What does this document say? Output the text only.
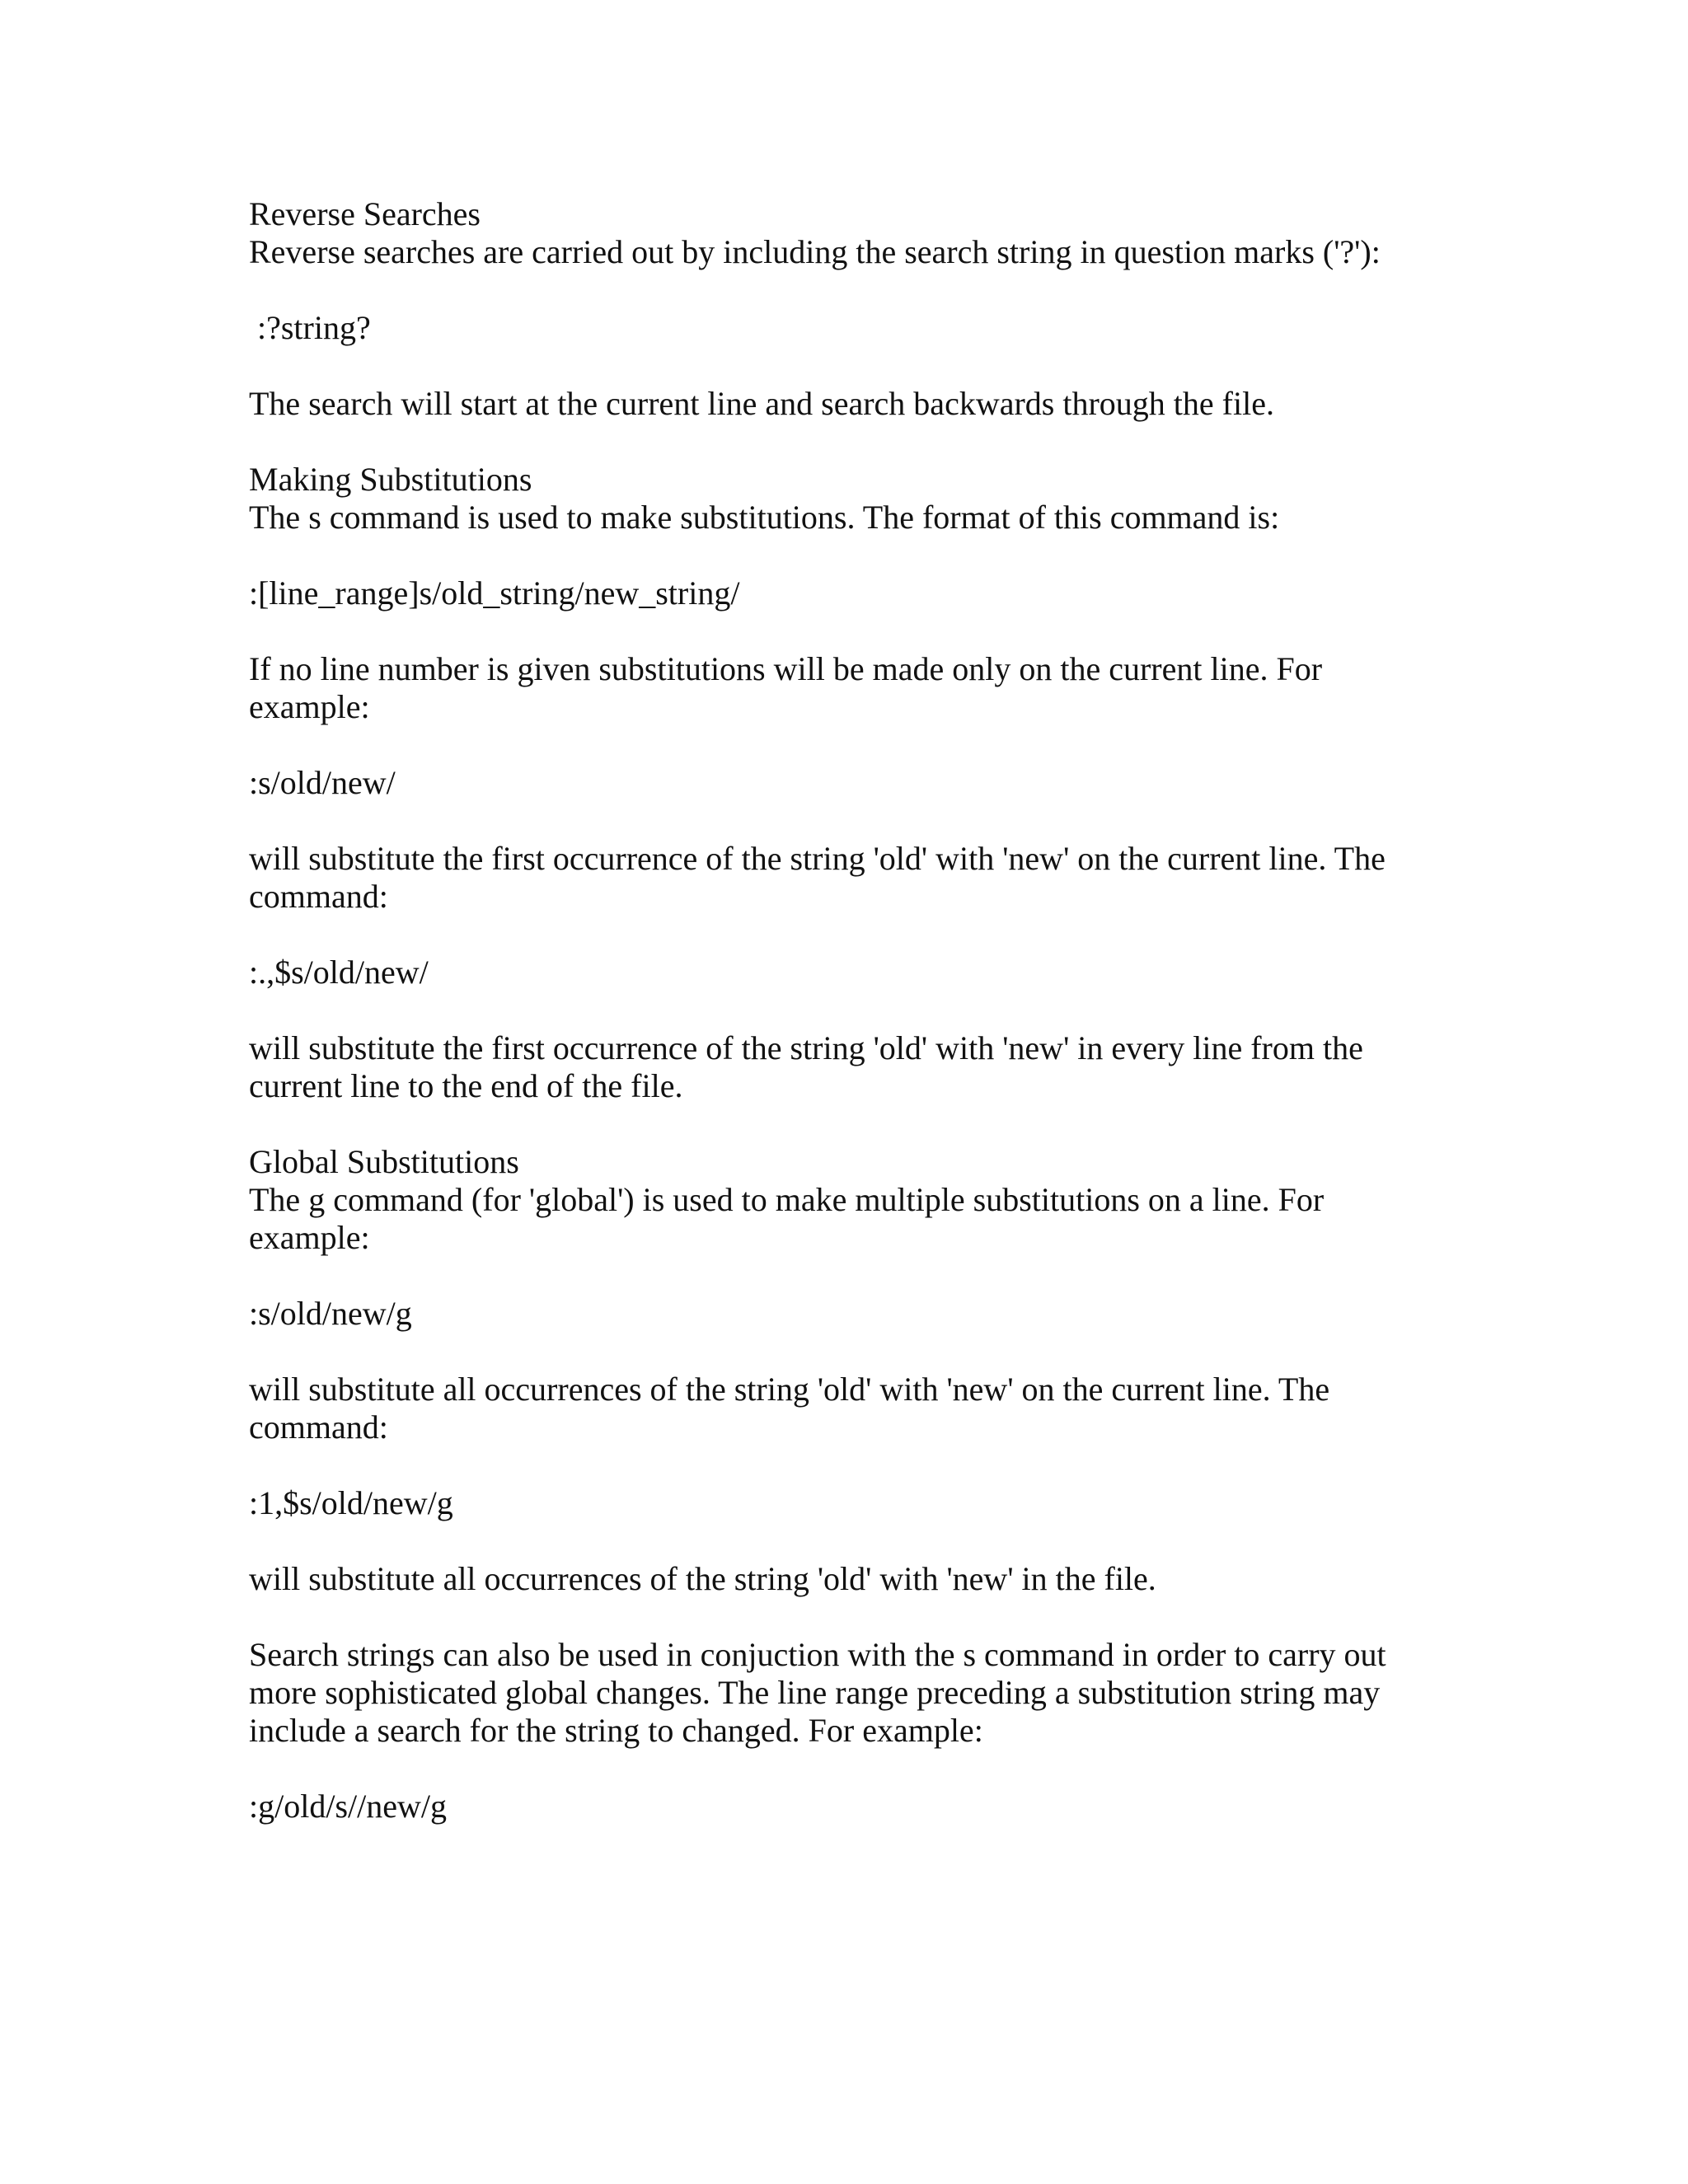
Reverse Searches

Reverse searches are carried out by including the search string in question marks ('?'):

:?string?

The search will start at the current line and search backwards through the file.

Making Substitutions

The s command is used to make substitutions. The format of this command is:

:[line_range]s/old_string/new_string/

If no line number is given substitutions will be made only on the current line. For

example:

:s/old/new/

will substitute the first occurrence of the string 'old' with 'new' on the current line. The

command:

:.,$s/old/new/

will substitute the first occurrence of the string 'old' with 'new' in every line from the

current line to the end of the file.

Global Substitutions

The g command (for 'global') is used to make multiple substitutions on a line. For

example:

:s/old/new/g

will substitute all occurrences of the string 'old' with 'new' on the current line. The

command:

:1,$s/old/new/g

will substitute all occurrences of the string 'old' with 'new' in the file.

Search strings can also be used in conjuction with the s command in order to carry out

more sophisticated global changes. The line range preceding a substitution string may

include a search for the string to changed. For example:

:g/old/s//new/g
